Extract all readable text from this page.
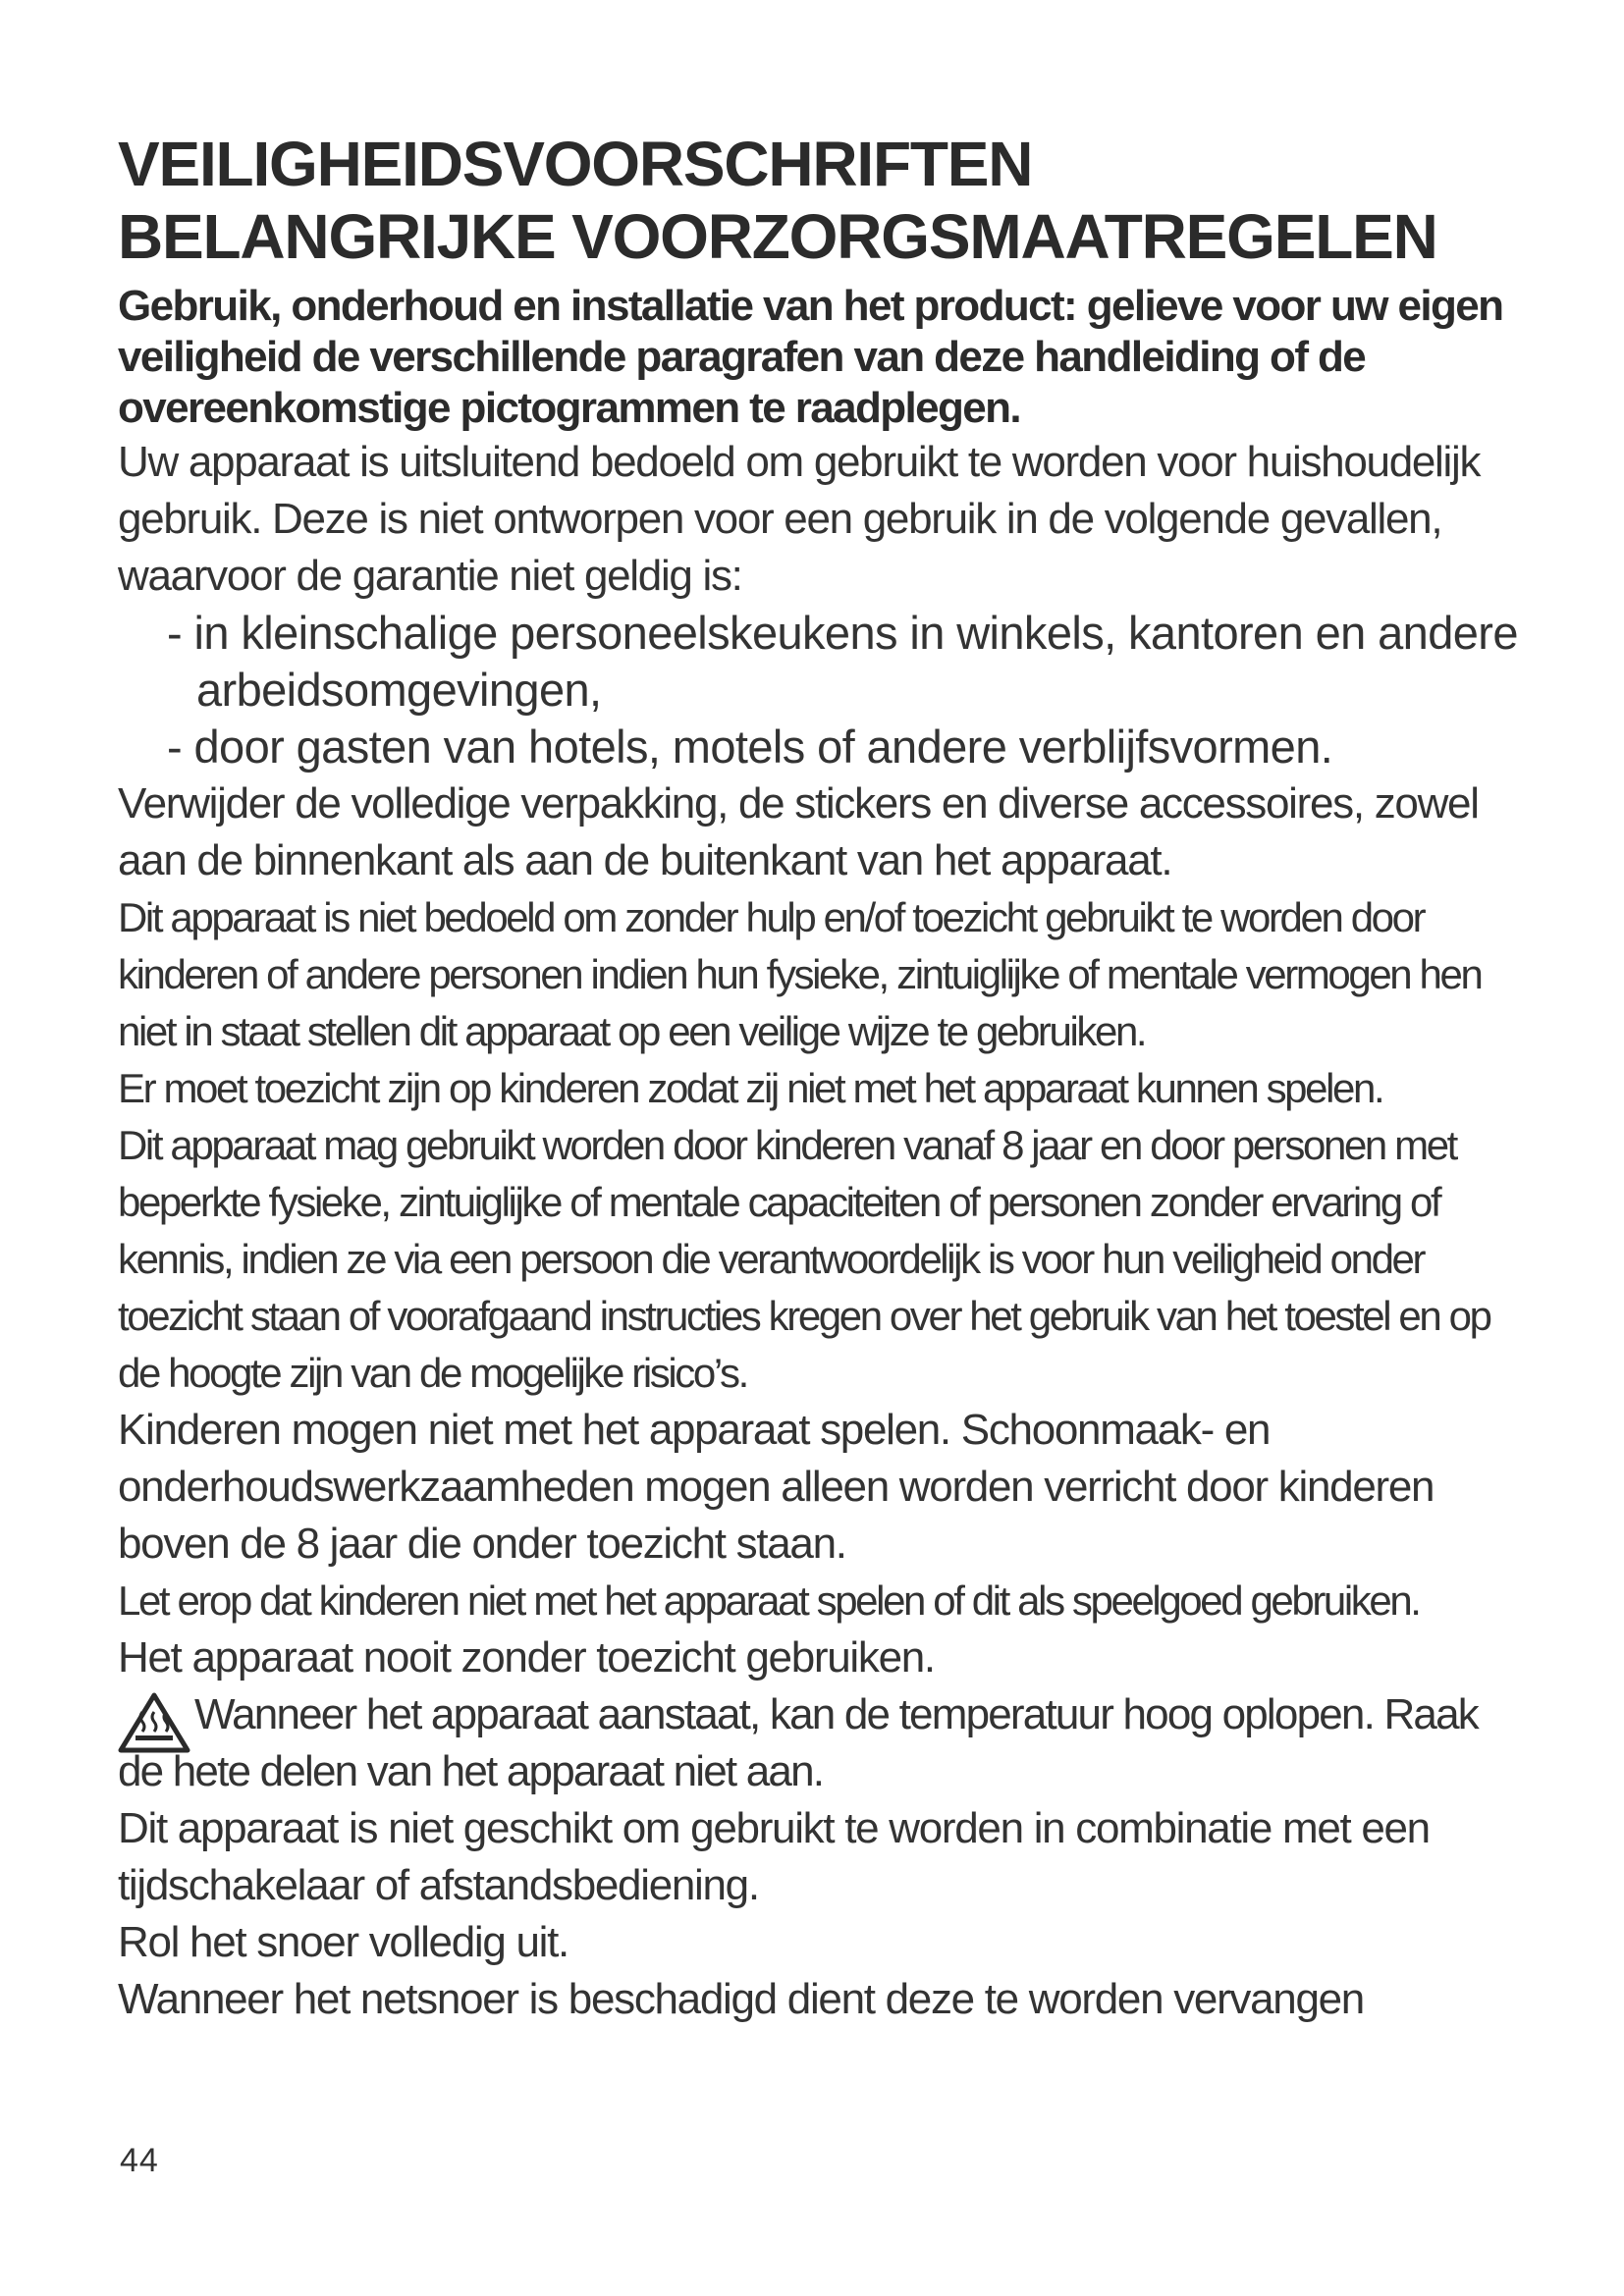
VEILIGHEIDSVOORSCHRIFTEN
BELANGRIJKE VOORZORGSMAATREGELEN

Gebruik, onderhoud en installatie van het product: gelieve voor uw eigen veiligheid de verschillende paragrafen van deze handleiding of de overeenkomstige pictogrammen te raadplegen.

Uw apparaat is uitsluitend bedoeld om gebruikt te worden voor huishoudelijk gebruik. Deze is niet ontworpen voor een gebruik in de volgende gevallen, waarvoor de garantie niet geldig is:

- in kleinschalige personeelskeukens in winkels, kantoren en andere arbeidsomgevingen,

- door gasten van hotels, motels of andere verblijfsvormen.

Verwijder de volledige verpakking, de stickers en diverse accessoires, zowel aan de binnenkant als aan de buitenkant van het apparaat.

Dit apparaat is niet bedoeld om zonder hulp en/of toezicht gebruikt te worden door kinderen of andere personen indien hun fysieke, zintuiglijke of mentale vermogen hen niet in staat stellen dit apparaat op een veilige wijze te gebruiken.

Er moet toezicht zijn op kinderen zodat zij niet met het apparaat kunnen spelen.

Dit apparaat mag gebruikt worden door kinderen vanaf 8 jaar en door personen met beperkte fysieke, zintuiglijke of mentale capaciteiten of personen zonder ervaring of kennis, indien ze via een persoon die verantwoordelijk is voor hun veiligheid onder toezicht staan of voorafgaand instructies kregen over het gebruik van het toestel en op de hoogte zijn van de mogelijke risico’s.

Kinderen mogen niet met het apparaat spelen. Schoonmaak- en onderhoudswerkzaamheden mogen alleen worden verricht door kinderen boven de 8 jaar die onder toezicht staan.

Let erop dat kinderen niet met het apparaat spelen of dit als speelgoed gebruiken.

Het apparaat nooit zonder toezicht gebruiken.

Wanneer het apparaat aanstaat, kan de temperatuur hoog oplopen. Raak de hete delen van het apparaat niet aan.

Dit apparaat is niet geschikt om gebruikt te worden in combinatie met een tijdschakelaar of afstandsbediening.

Rol het snoer volledig uit.

Wanneer het netsnoer is beschadigd dient deze te worden vervangen

44
